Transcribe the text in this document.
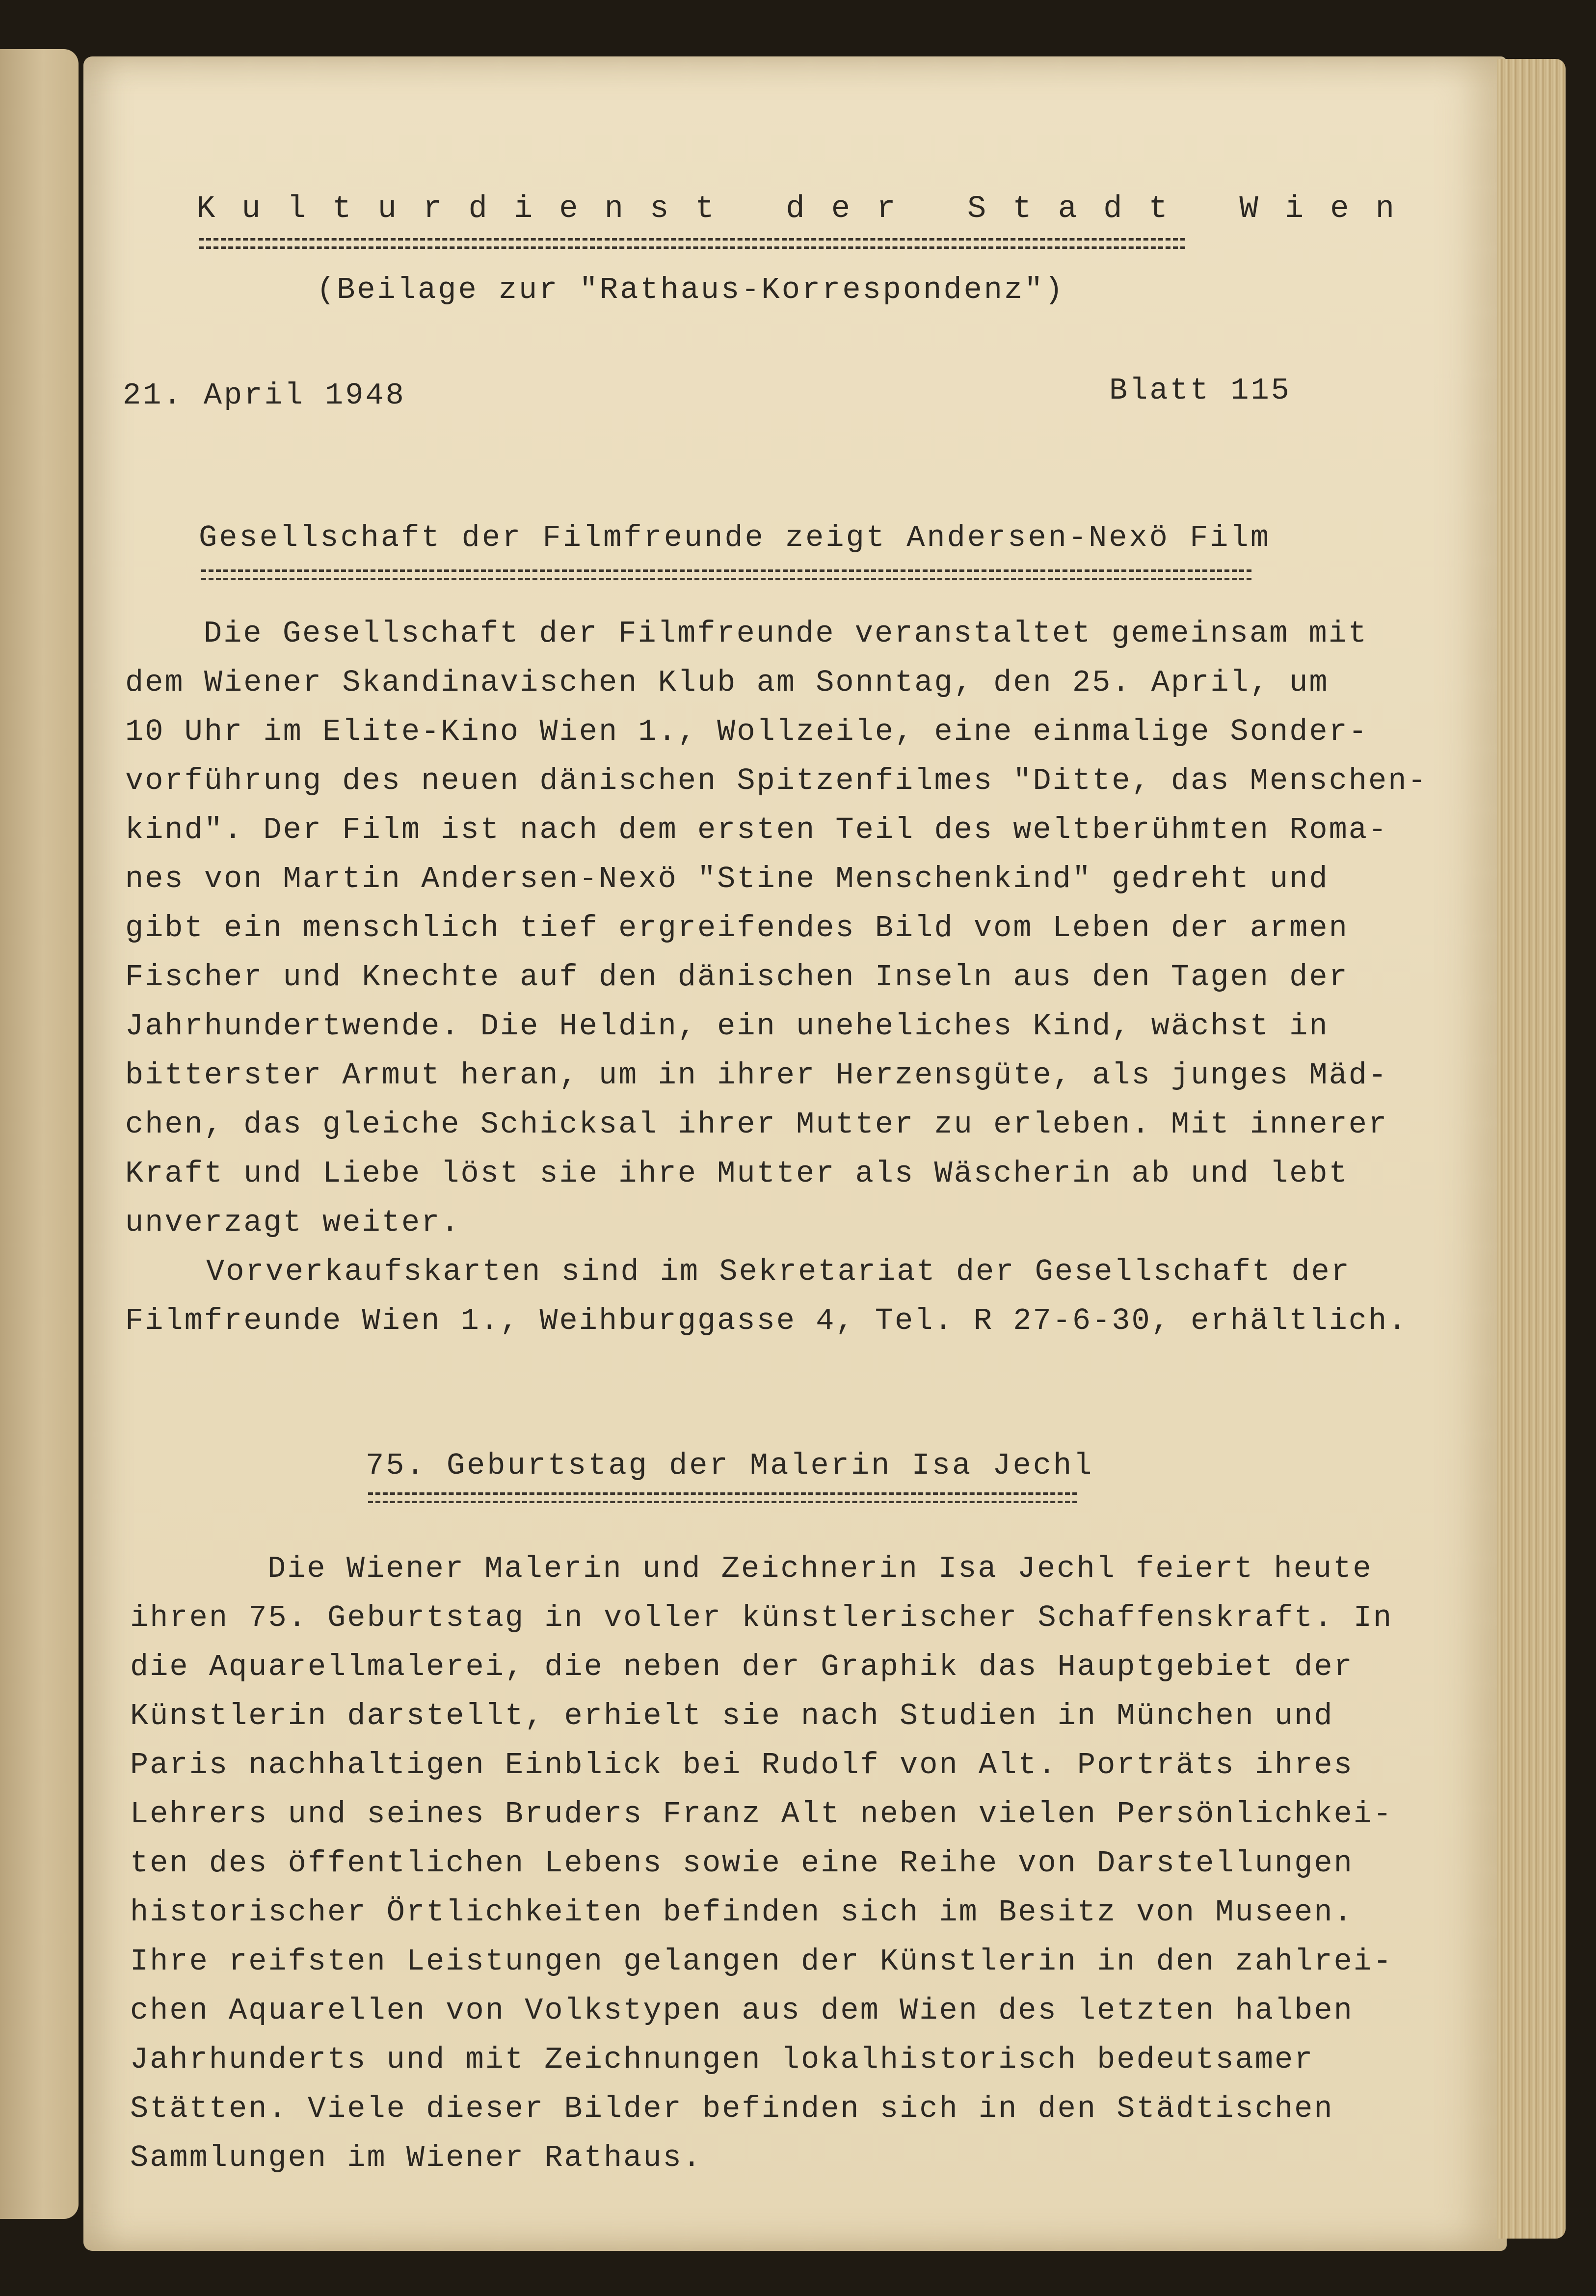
Kulturdienst der Stadt Wien
(Beilage zur "Rathaus-Korrespondenz")
21. April 1948	Blatt 115
Gesellschaft der Filmfreunde zeigt Andersen-Nexö Film
Die Gesellschaft der Filmfreunde veranstaltet gemeinsam mit
dem Wiener Skandinavischen Klub am Sonntag, den 25. April, um
10 Uhr im Elite-Kino Wien 1., Wollzeile, eine einmalige Sonder-
vorführung des neuen dänischen Spitzenfilmes "Ditte, das Menschen-
kind". Der Film ist nach dem ersten Teil des weltberühmten Roma-
nes von Martin Andersen-Nexö "Stine Menschenkind" gedreht und
gibt ein menschlich tief ergreifendes Bild vom Leben der armen
Fischer und Knechte auf den dänischen Inseln aus den Tagen der
Jahrhundertwende. Die Heldin, ein uneheliches Kind, wächst in
bitterster Armut heran, um in ihrer Herzensgüte, als junges Mäd-
chen, das gleiche Schicksal ihrer Mutter zu erleben. Mit innerer
Kraft und Liebe löst sie ihre Mutter als Wäscherin ab und lebt
unverzagt weiter.
Vorverkaufskarten sind im Sekretariat der Gesellschaft der
Filmfreunde Wien 1., Weihburggasse 4, Tel. R 27-6-30, erhältlich.
75. Geburtstag der Malerin Isa Jechl
Die Wiener Malerin und Zeichnerin Isa Jechl feiert heute
ihren 75. Geburtstag in voller künstlerischer Schaffenskraft. In
die Aquarellmalerei, die neben der Graphik das Hauptgebiet der
Künstlerin darstellt, erhielt sie nach Studien in München und
Paris nachhaltigen Einblick bei Rudolf von Alt. Porträts ihres
Lehrers und seines Bruders Franz Alt neben vielen Persönlichkei-
ten des öffentlichen Lebens sowie eine Reihe von Darstellungen
historischer Örtlichkeiten befinden sich im Besitz von Museen.
Ihre reifsten Leistungen gelangen der Künstlerin in den zahlrei-
chen Aquarellen von Volkstypen aus dem Wien des letzten halben
Jahrhunderts und mit Zeichnungen lokalhistorisch bedeutsamer
Stätten. Viele dieser Bilder befinden sich in den Städtischen
Sammlungen im Wiener Rathaus.
